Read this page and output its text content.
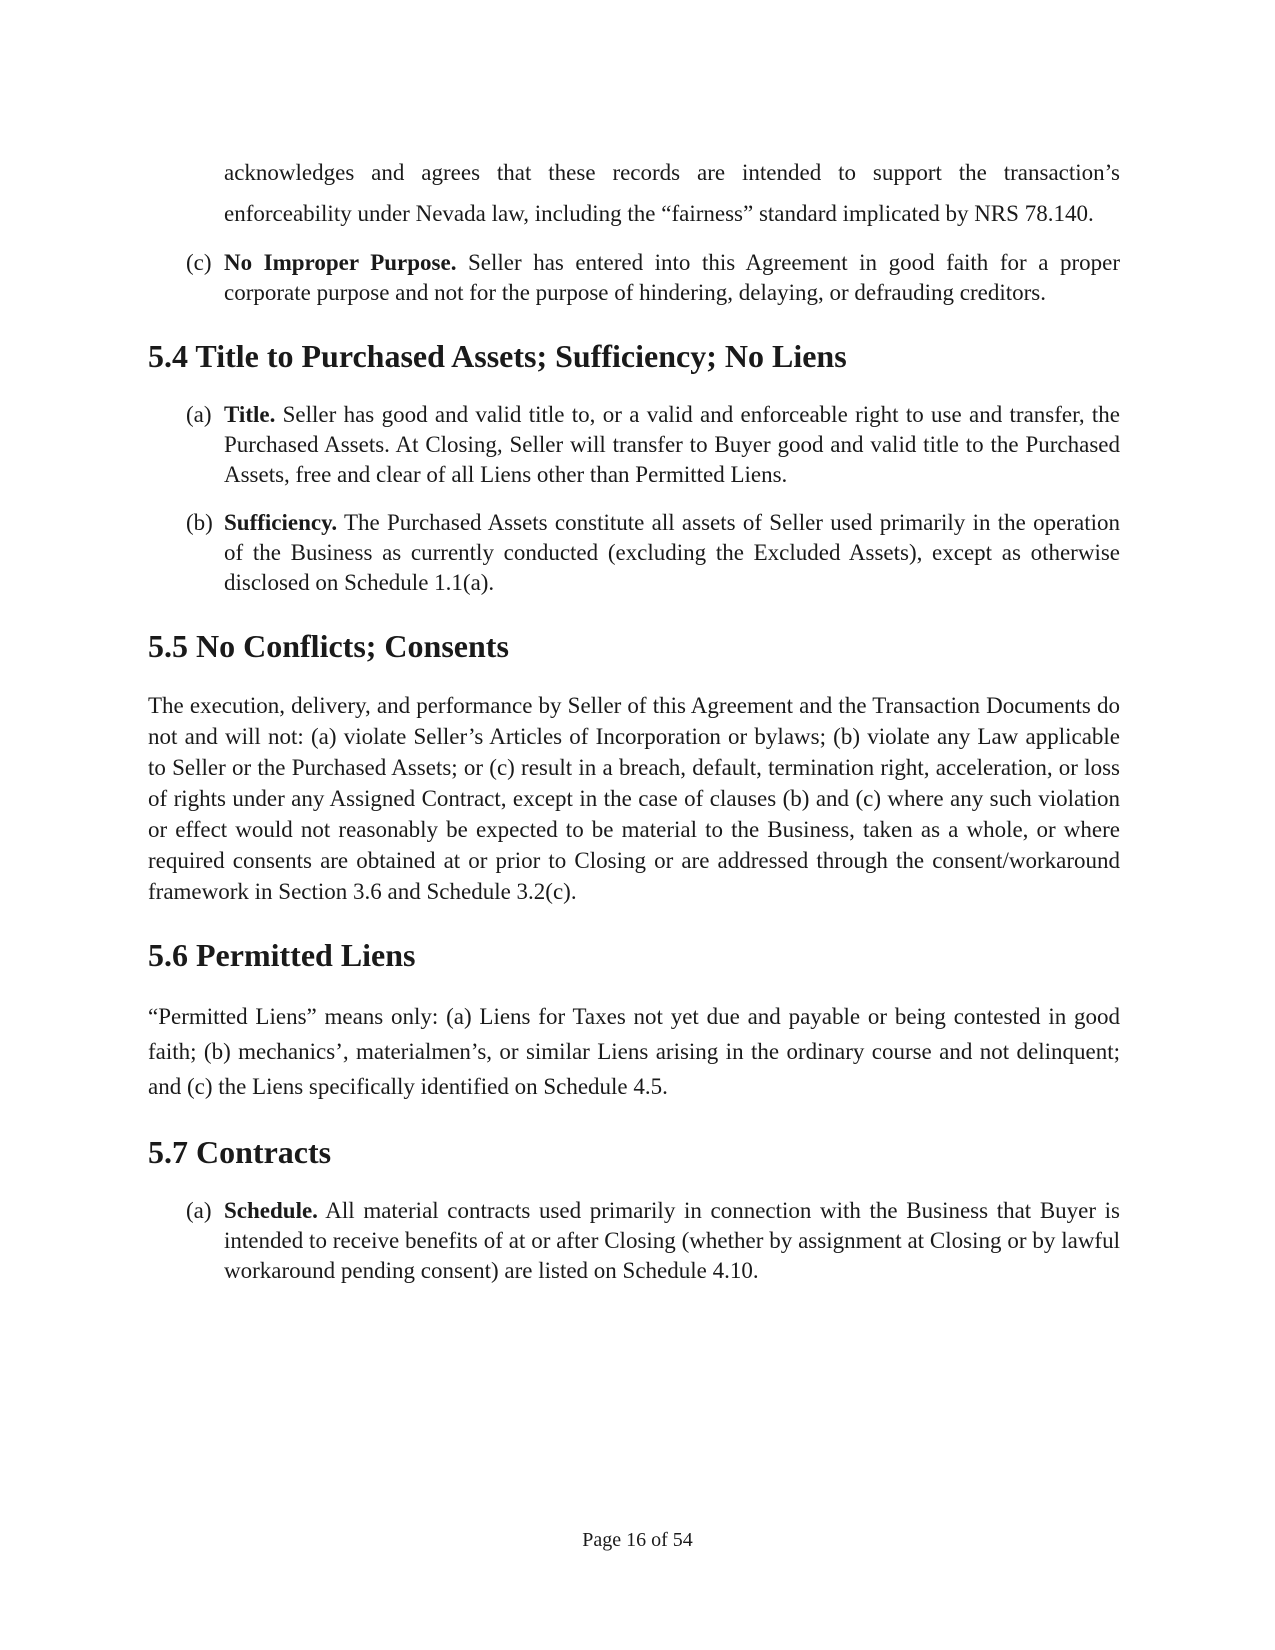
acknowledges and agrees that these records are intended to support the transaction’s enforceability under Nevada law, including the “fairness” standard implicated by NRS 78.140.

(c) No Improper Purpose. Seller has entered into this Agreement in good faith for a proper corporate purpose and not for the purpose of hindering, delaying, or defrauding creditors.

5.4 Title to Purchased Assets; Sufficiency; No Liens

(a) Title. Seller has good and valid title to, or a valid and enforceable right to use and transfer, the Purchased Assets. At Closing, Seller will transfer to Buyer good and valid title to the Purchased Assets, free and clear of all Liens other than Permitted Liens.

(b) Sufficiency. The Purchased Assets constitute all assets of Seller used primarily in the operation of the Business as currently conducted (excluding the Excluded Assets), except as otherwise disclosed on Schedule 1.1(a).

5.5 No Conflicts; Consents

The execution, delivery, and performance by Seller of this Agreement and the Transaction Documents do not and will not: (a) violate Seller’s Articles of Incorporation or bylaws; (b) violate any Law applicable to Seller or the Purchased Assets; or (c) result in a breach, default, termination right, acceleration, or loss of rights under any Assigned Contract, except in the case of clauses (b) and (c) where any such violation or effect would not reasonably be expected to be material to the Business, taken as a whole, or where required consents are obtained at or prior to Closing or are addressed through the consent/workaround framework in Section 3.6 and Schedule 3.2(c).

5.6 Permitted Liens

“Permitted Liens” means only: (a) Liens for Taxes not yet due and payable or being contested in good faith; (b) mechanics’, materialmen’s, or similar Liens arising in the ordinary course and not delinquent; and (c) the Liens specifically identified on Schedule 4.5.

5.7 Contracts

(a) Schedule. All material contracts used primarily in connection with the Business that Buyer is intended to receive benefits of at or after Closing (whether by assignment at Closing or by lawful workaround pending consent) are listed on Schedule 4.10.

Page 16 of 54
